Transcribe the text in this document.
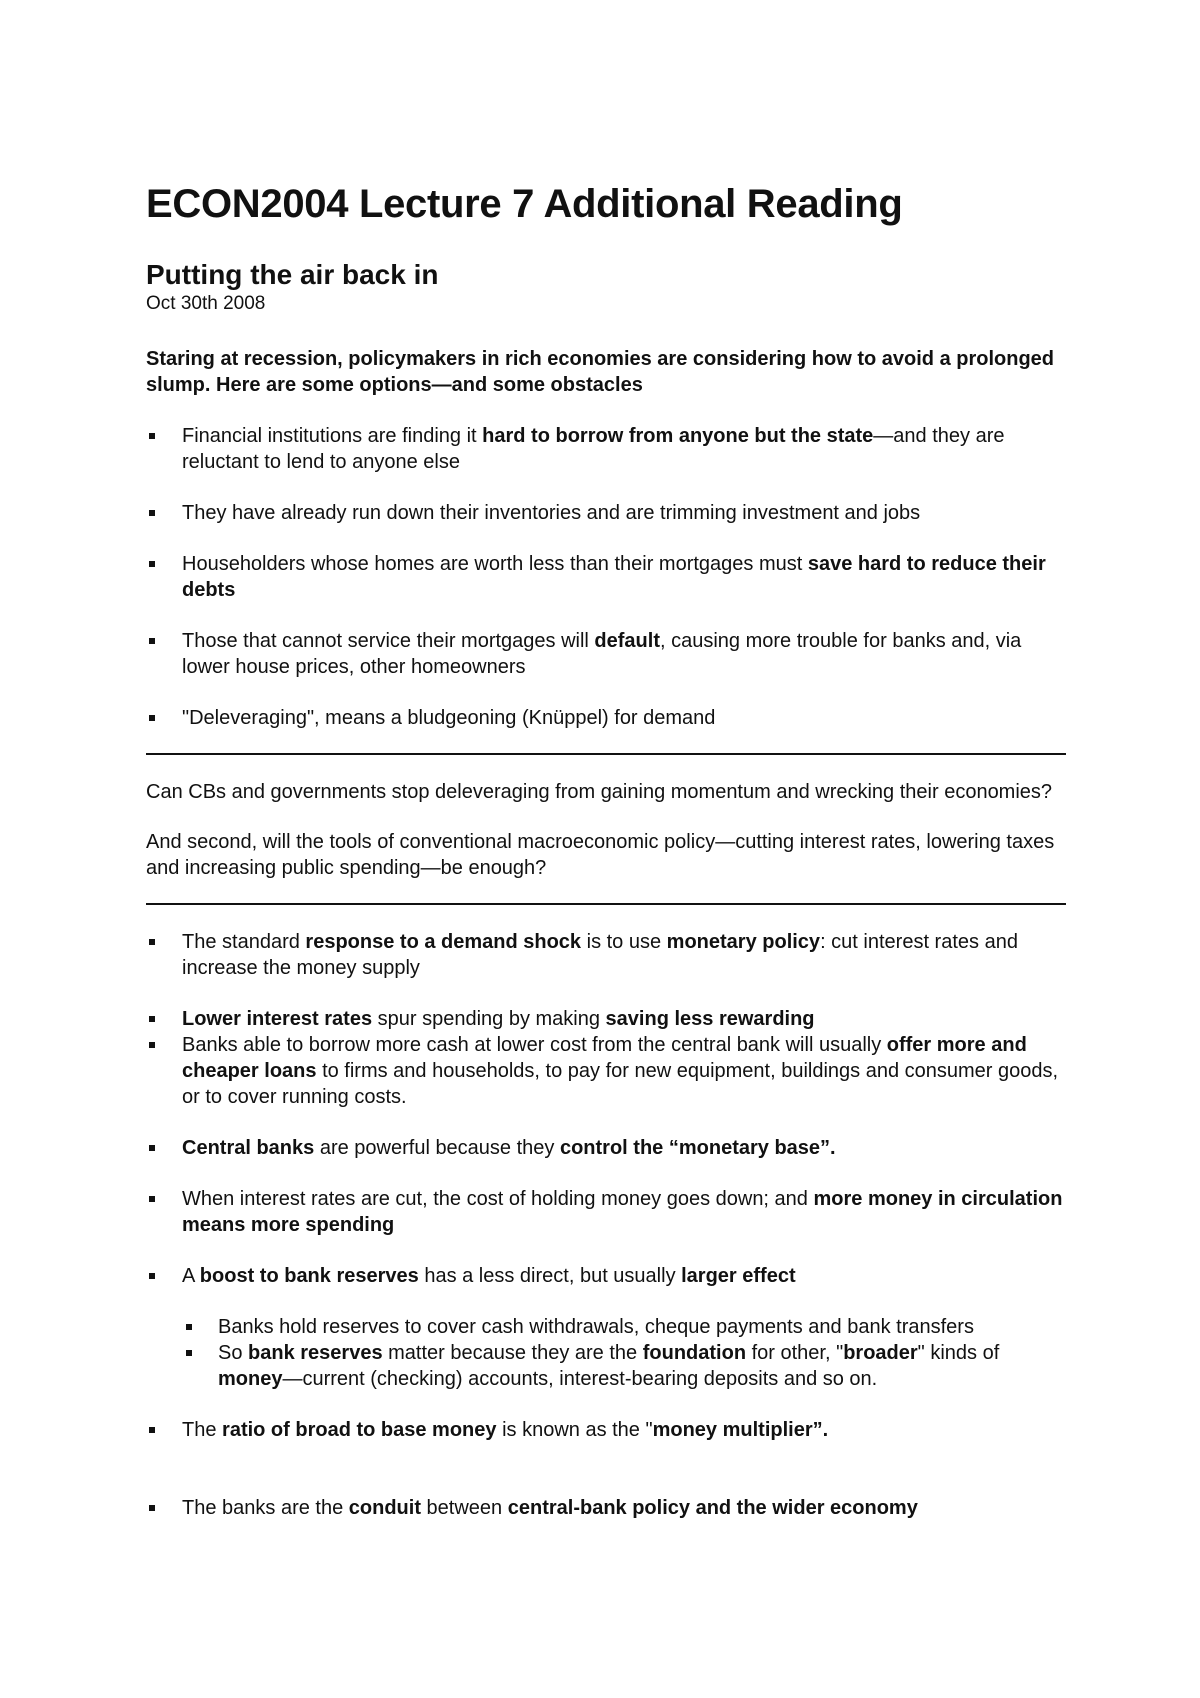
ECON2004 Lecture 7 Additional Reading
Putting the air back in

Oct 30th 2008

Staring at recession, policymakers in rich economies are considering how to avoid a prolonged slump. Here are some options—and some obstacles

Financial institutions are finding it hard to borrow from anyone but the state—and they are reluctant to lend to anyone else
They have already run down their inventories and are trimming investment and jobs
Householders whose homes are worth less than their mortgages must save hard to reduce their debts
Those that cannot service their mortgages will default, causing more trouble for banks and, via lower house prices, other homeowners
"Deleveraging", means a bludgeoning (Knüppel) for demand

Can CBs and governments stop deleveraging from gaining momentum and wrecking their economies?

And second, will the tools of conventional macroeconomic policy—cutting interest rates, lowering taxes and increasing public spending—be enough?

The standard response to a demand shock is to use monetary policy: cut interest rates and increase the money supply
Lower interest rates spur spending by making saving less rewarding
Banks able to borrow more cash at lower cost from the central bank will usually offer more and cheaper loans to firms and households, to pay for new equipment, buildings and consumer goods, or to cover running costs.
Central banks are powerful because they control the “monetary base”.
When interest rates are cut, the cost of holding money goes down; and more money in circulation means more spending
A boost to bank reserves has a less direct, but usually larger effect
Banks hold reserves to cover cash withdrawals, cheque payments and bank transfers
So bank reserves matter because they are the foundation for other, "broader" kinds of money—current (checking) accounts, interest-bearing deposits and so on.
The ratio of broad to base money is known as the "money multiplier”.
The banks are the conduit between central-bank policy and the wider economy
